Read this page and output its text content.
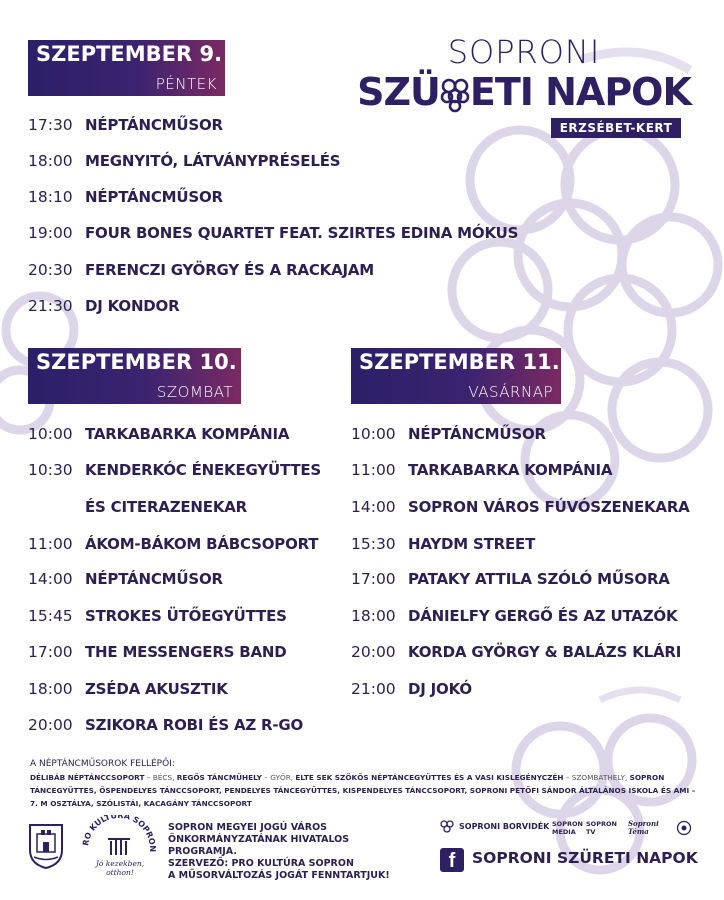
SOPRONI
SZÜ ETI NAPOK
ERZSÉBET-KERT
SZEPTEMBER 9.
PÉNTEK
17:30 NÉPTÁNCMŰSOR
18:00 MEGNYITÓ, LÁTVÁNYPRÉSELÉS
18:10 NÉPTÁNCMŰSOR
19:00 FOUR BONES QUARTET FEAT. SZIRTES EDINA MÓKUS
20:30 FERENCZI GYÖRGY ÉS A RACKAJAM
21:30 DJ KONDOR
SZEPTEMBER 10.
SZOMBAT
10:00 TARKABARKA KOMPÁNIA
10:30 KENDERKÓC ÉNEKEGYÜTTES
ÉS CITERAZENEKAR
11:00 ÁKOM-BÁKOM BÁBCSOPORT
14:00 NÉPTÁNCMŰSOR
15:45 STROKES ÜTŐEGYÜTTES
17:00 THE MESSENGERS BAND
18:00 ZSÉDA AKUSZTIK
20:00 SZIKORA ROBI ÉS AZ R-GO
SZEPTEMBER 11.
VASÁRNAP
10:00 NÉPTÁNCMŰSOR
11:00 TARKABARKA KOMPÁNIA
14:00 SOPRON VÁROS FÚVÓSZENEKARA
15:30 HAYDM STREET
17:00 PATAKY ATTILA SZÓLÓ MŰSORA
18:00 DÁNIELFY GERGŐ ÉS AZ UTAZÓK
20:00 KORDA GYÖRGY & BALÁZS KLÁRI
21:00 DJ JOKÓ
A NÉPTÁNCMŰSOROK FELLÉPŐI:
DÉLIBÁB NÉPTÁNCCSOPORT – BÉCS, REGŐS TÁNCMŰHELY – GYŐR, ELTE SEK SZÖKŐS NÉPTÁNCEGYÜTTES ÉS A VASI KISLEGÉNYCZÉH – SZOMBATHELY, SOPRON TÁNCEGYÜTTES, ŐSPENDELYES TÁNCCSOPORT, PENDELYES TÁNCEGYÜTTES, KISPENDELYES TÁNCCSOPORT, SOPRONI PETŐFI SÁNDOR ÁLTALÁNOS ISKOLA ÉS AMI – 7. M OSZTÁLYA, SZÓLISTÁI, KACAGÁNY TÁNCCSOPORT
RO KULTÚRA SOPRON
Jó kezekben, otthon!
SOPRON MEGYEI JOGÚ VÁROS
ÖNKORMÁNYZATÁNAK HIVATALOS PROGRAMJA.
SZERVEZŐ: PRO KULTÚRA SOPRON
A MŰSORVÁLTOZÁS JOGÁT FENNTARTJUK!
SOPRONI BORVIDÉK SOPRON MEDIA
SOPRON TV
Soproni Téma
f	SOPRONI SZÜRETI NAPOK
